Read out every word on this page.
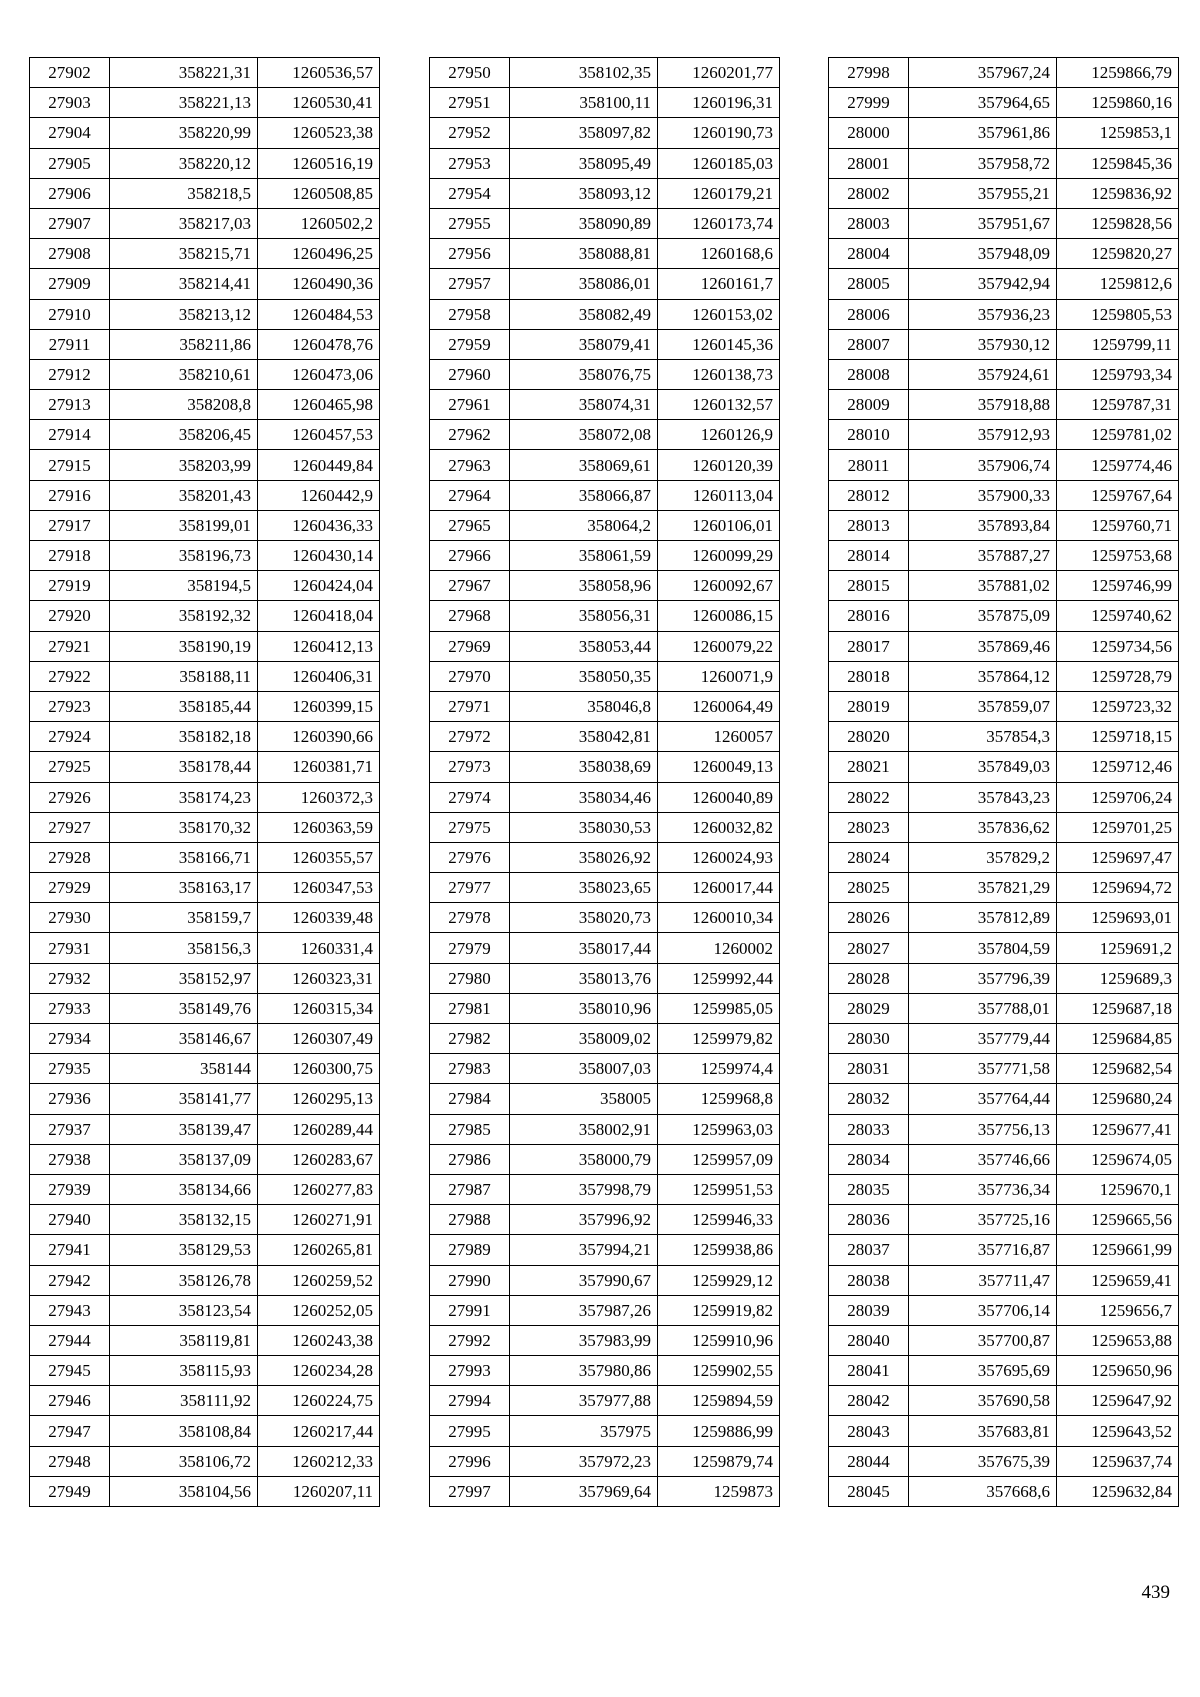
27902	358221,31	1260536,57
27903	358221,13	1260530,41
27904	358220,99	1260523,38
27905	358220,12	1260516,19
27906	358218,5	1260508,85
27907	358217,03	1260502,2
27908	358215,71	1260496,25
27909	358214,41	1260490,36
27910	358213,12	1260484,53
27911	358211,86	1260478,76
27912	358210,61	1260473,06
27913	358208,8	1260465,98
27914	358206,45	1260457,53
27915	358203,99	1260449,84
27916	358201,43	1260442,9
27917	358199,01	1260436,33
27918	358196,73	1260430,14
27919	358194,5	1260424,04
27920	358192,32	1260418,04
27921	358190,19	1260412,13
27922	358188,11	1260406,31
27923	358185,44	1260399,15
27924	358182,18	1260390,66
27925	358178,44	1260381,71
27926	358174,23	1260372,3
27927	358170,32	1260363,59
27928	358166,71	1260355,57
27929	358163,17	1260347,53
27930	358159,7	1260339,48
27931	358156,3	1260331,4
27932	358152,97	1260323,31
27933	358149,76	1260315,34
27934	358146,67	1260307,49
27935	358144	1260300,75
27936	358141,77	1260295,13
27937	358139,47	1260289,44
27938	358137,09	1260283,67
27939	358134,66	1260277,83
27940	358132,15	1260271,91
27941	358129,53	1260265,81
27942	358126,78	1260259,52
27943	358123,54	1260252,05
27944	358119,81	1260243,38
27945	358115,93	1260234,28
27946	358111,92	1260224,75
27947	358108,84	1260217,44
27948	358106,72	1260212,33
27949	358104,56	1260207,11
27950	358102,35	1260201,77
27951	358100,11	1260196,31
27952	358097,82	1260190,73
27953	358095,49	1260185,03
27954	358093,12	1260179,21
27955	358090,89	1260173,74
27956	358088,81	1260168,6
27957	358086,01	1260161,7
27958	358082,49	1260153,02
27959	358079,41	1260145,36
27960	358076,75	1260138,73
27961	358074,31	1260132,57
27962	358072,08	1260126,9
27963	358069,61	1260120,39
27964	358066,87	1260113,04
27965	358064,2	1260106,01
27966	358061,59	1260099,29
27967	358058,96	1260092,67
27968	358056,31	1260086,15
27969	358053,44	1260079,22
27970	358050,35	1260071,9
27971	358046,8	1260064,49
27972	358042,81	1260057
27973	358038,69	1260049,13
27974	358034,46	1260040,89
27975	358030,53	1260032,82
27976	358026,92	1260024,93
27977	358023,65	1260017,44
27978	358020,73	1260010,34
27979	358017,44	1260002
27980	358013,76	1259992,44
27981	358010,96	1259985,05
27982	358009,02	1259979,82
27983	358007,03	1259974,4
27984	358005	1259968,8
27985	358002,91	1259963,03
27986	358000,79	1259957,09
27987	357998,79	1259951,53
27988	357996,92	1259946,33
27989	357994,21	1259938,86
27990	357990,67	1259929,12
27991	357987,26	1259919,82
27992	357983,99	1259910,96
27993	357980,86	1259902,55
27994	357977,88	1259894,59
27995	357975	1259886,99
27996	357972,23	1259879,74
27997	357969,64	1259873
27998	357967,24	1259866,79
27999	357964,65	1259860,16
28000	357961,86	1259853,1
28001	357958,72	1259845,36
28002	357955,21	1259836,92
28003	357951,67	1259828,56
28004	357948,09	1259820,27
28005	357942,94	1259812,6
28006	357936,23	1259805,53
28007	357930,12	1259799,11
28008	357924,61	1259793,34
28009	357918,88	1259787,31
28010	357912,93	1259781,02
28011	357906,74	1259774,46
28012	357900,33	1259767,64
28013	357893,84	1259760,71
28014	357887,27	1259753,68
28015	357881,02	1259746,99
28016	357875,09	1259740,62
28017	357869,46	1259734,56
28018	357864,12	1259728,79
28019	357859,07	1259723,32
28020	357854,3	1259718,15
28021	357849,03	1259712,46
28022	357843,23	1259706,24
28023	357836,62	1259701,25
28024	357829,2	1259697,47
28025	357821,29	1259694,72
28026	357812,89	1259693,01
28027	357804,59	1259691,2
28028	357796,39	1259689,3
28029	357788,01	1259687,18
28030	357779,44	1259684,85
28031	357771,58	1259682,54
28032	357764,44	1259680,24
28033	357756,13	1259677,41
28034	357746,66	1259674,05
28035	357736,34	1259670,1
28036	357725,16	1259665,56
28037	357716,87	1259661,99
28038	357711,47	1259659,41
28039	357706,14	1259656,7
28040	357700,87	1259653,88
28041	357695,69	1259650,96
28042	357690,58	1259647,92
28043	357683,81	1259643,52
28044	357675,39	1259637,74
28045	357668,6	1259632,84
439
